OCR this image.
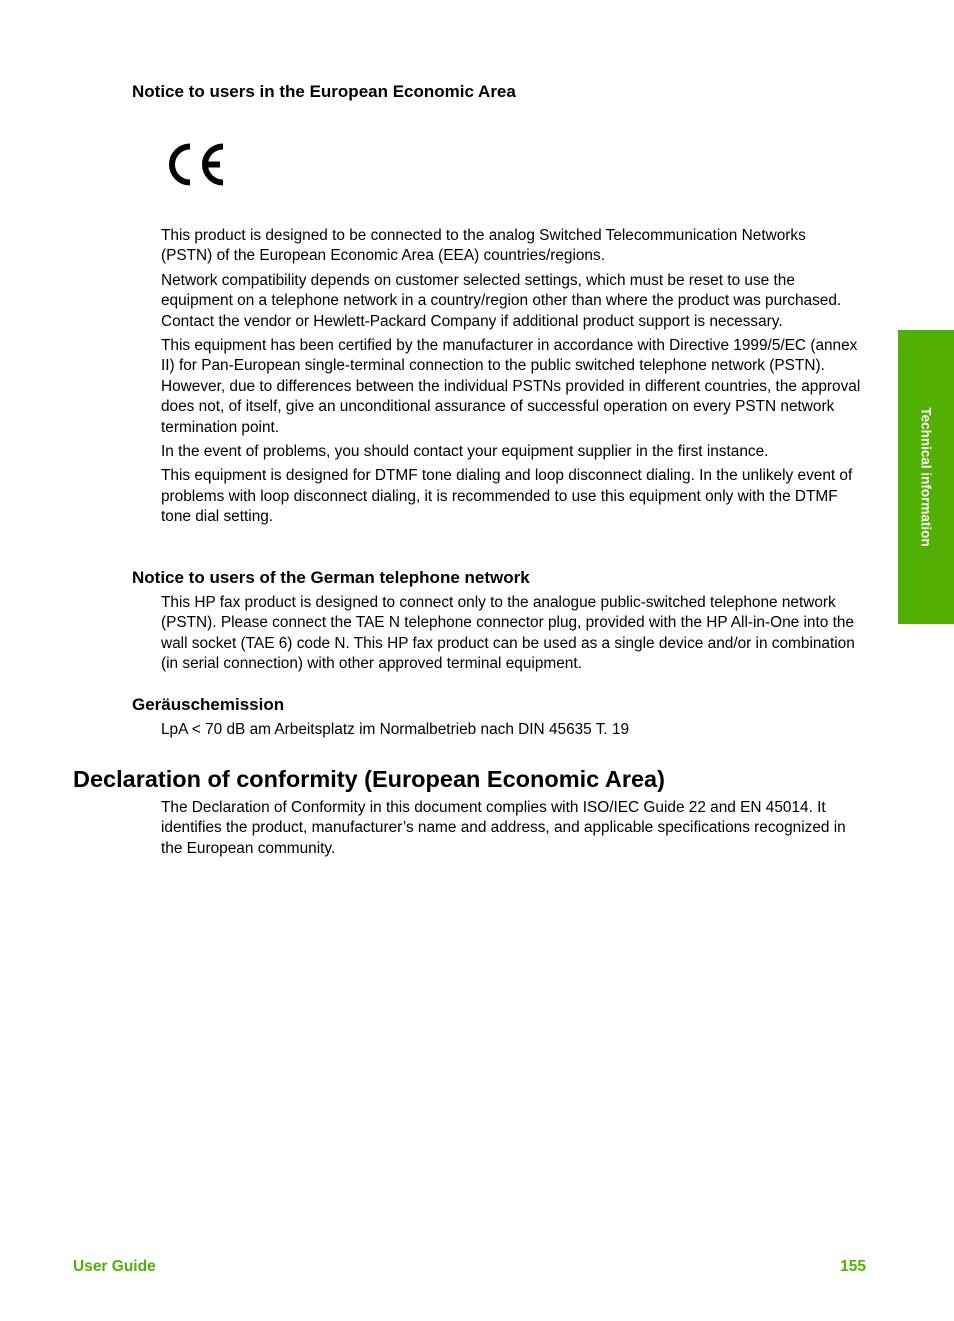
Notice to users in the European Economic Area

This product is designed to be connected to the analog Switched Telecommunication Networks (PSTN) of the European Economic Area (EEA) countries/regions.

Network compatibility depends on customer selected settings, which must be reset to use the equipment on a telephone network in a country/region other than where the product was purchased. Contact the vendor or Hewlett-Packard Company if additional product support is necessary.

This equipment has been certified by the manufacturer in accordance with Directive 1999/5/EC (annex II) for Pan-European single-terminal connection to the public switched telephone network (PSTN). However, due to differences between the individual PSTNs provided in different countries, the approval does not, of itself, give an unconditional assurance of successful operation on every PSTN network termination point.

In the event of problems, you should contact your equipment supplier in the first instance.

This equipment is designed for DTMF tone dialing and loop disconnect dialing. In the unlikely event of problems with loop disconnect dialing, it is recommended to use this equipment only with the DTMF tone dial setting.

Notice to users of the German telephone network

This HP fax product is designed to connect only to the analogue public-switched telephone network (PSTN). Please connect the TAE N telephone connector plug, provided with the HP All-in-One into the wall socket (TAE 6) code N. This HP fax product can be used as a single device and/or in combination (in serial connection) with other approved terminal equipment.

Geräuschemission

LpA < 70 dB am Arbeitsplatz im Normalbetrieb nach DIN 45635 T. 19

Declaration of conformity (European Economic Area)

The Declaration of Conformity in this document complies with ISO/IEC Guide 22 and EN 45014. It identifies the product, manufacturer’s name and address, and applicable specifications recognized in the European community.

Technical information
User Guide	155
